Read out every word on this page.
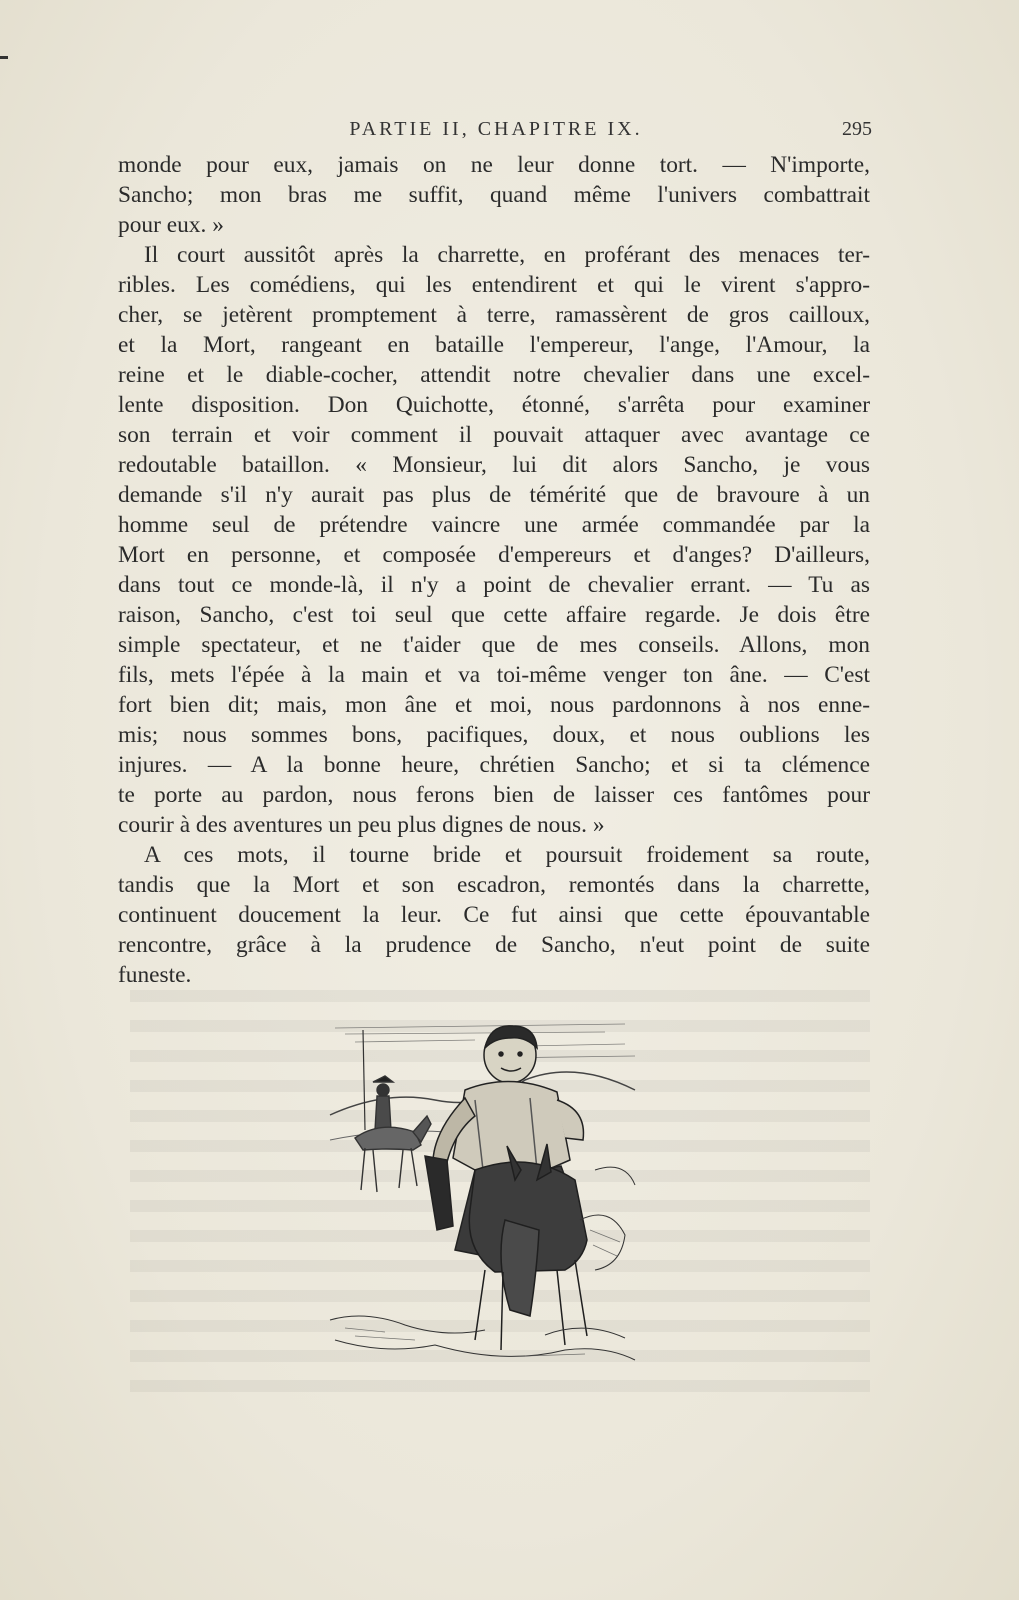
PARTIE II, CHAPITRE IX.	295
monde pour eux, jamais on ne leur donne tort. — N'importe,
Sancho; mon bras me suffit, quand même l'univers combattrait
pour eux. »
Il court aussitôt après la charrette, en proférant des menaces ter-
ribles. Les comédiens, qui les entendirent et qui le virent s'appro-
cher, se jetèrent promptement à terre, ramassèrent de gros cailloux,
et la Mort, rangeant en bataille l'empereur, l'ange, l'Amour, la
reine et le diable-cocher, attendit notre chevalier dans une excel-
lente disposition. Don Quichotte, étonné, s'arrêta pour examiner
son terrain et voir comment il pouvait attaquer avec avantage ce
redoutable bataillon. « Monsieur, lui dit alors Sancho, je vous
demande s'il n'y aurait pas plus de témérité que de bravoure à un
homme seul de prétendre vaincre une armée commandée par la
Mort en personne, et composée d'empereurs et d'anges? D'ailleurs,
dans tout ce monde-là, il n'y a point de chevalier errant. — Tu as
raison, Sancho, c'est toi seul que cette affaire regarde. Je dois être
simple spectateur, et ne t'aider que de mes conseils. Allons, mon
fils, mets l'épée à la main et va toi-même venger ton âne. — C'est
fort bien dit; mais, mon âne et moi, nous pardonnons à nos enne-
mis; nous sommes bons, pacifiques, doux, et nous oublions les
injures. — A la bonne heure, chrétien Sancho; et si ta clémence
te porte au pardon, nous ferons bien de laisser ces fantômes pour
courir à des aventures un peu plus dignes de nous. »
A ces mots, il tourne bride et poursuit froidement sa route,
tandis que la Mort et son escadron, remontés dans la charrette,
continuent doucement la leur. Ce fut ainsi que cette épouvantable
rencontre, grâce à la prudence de Sancho, n'eut point de suite
funeste.
